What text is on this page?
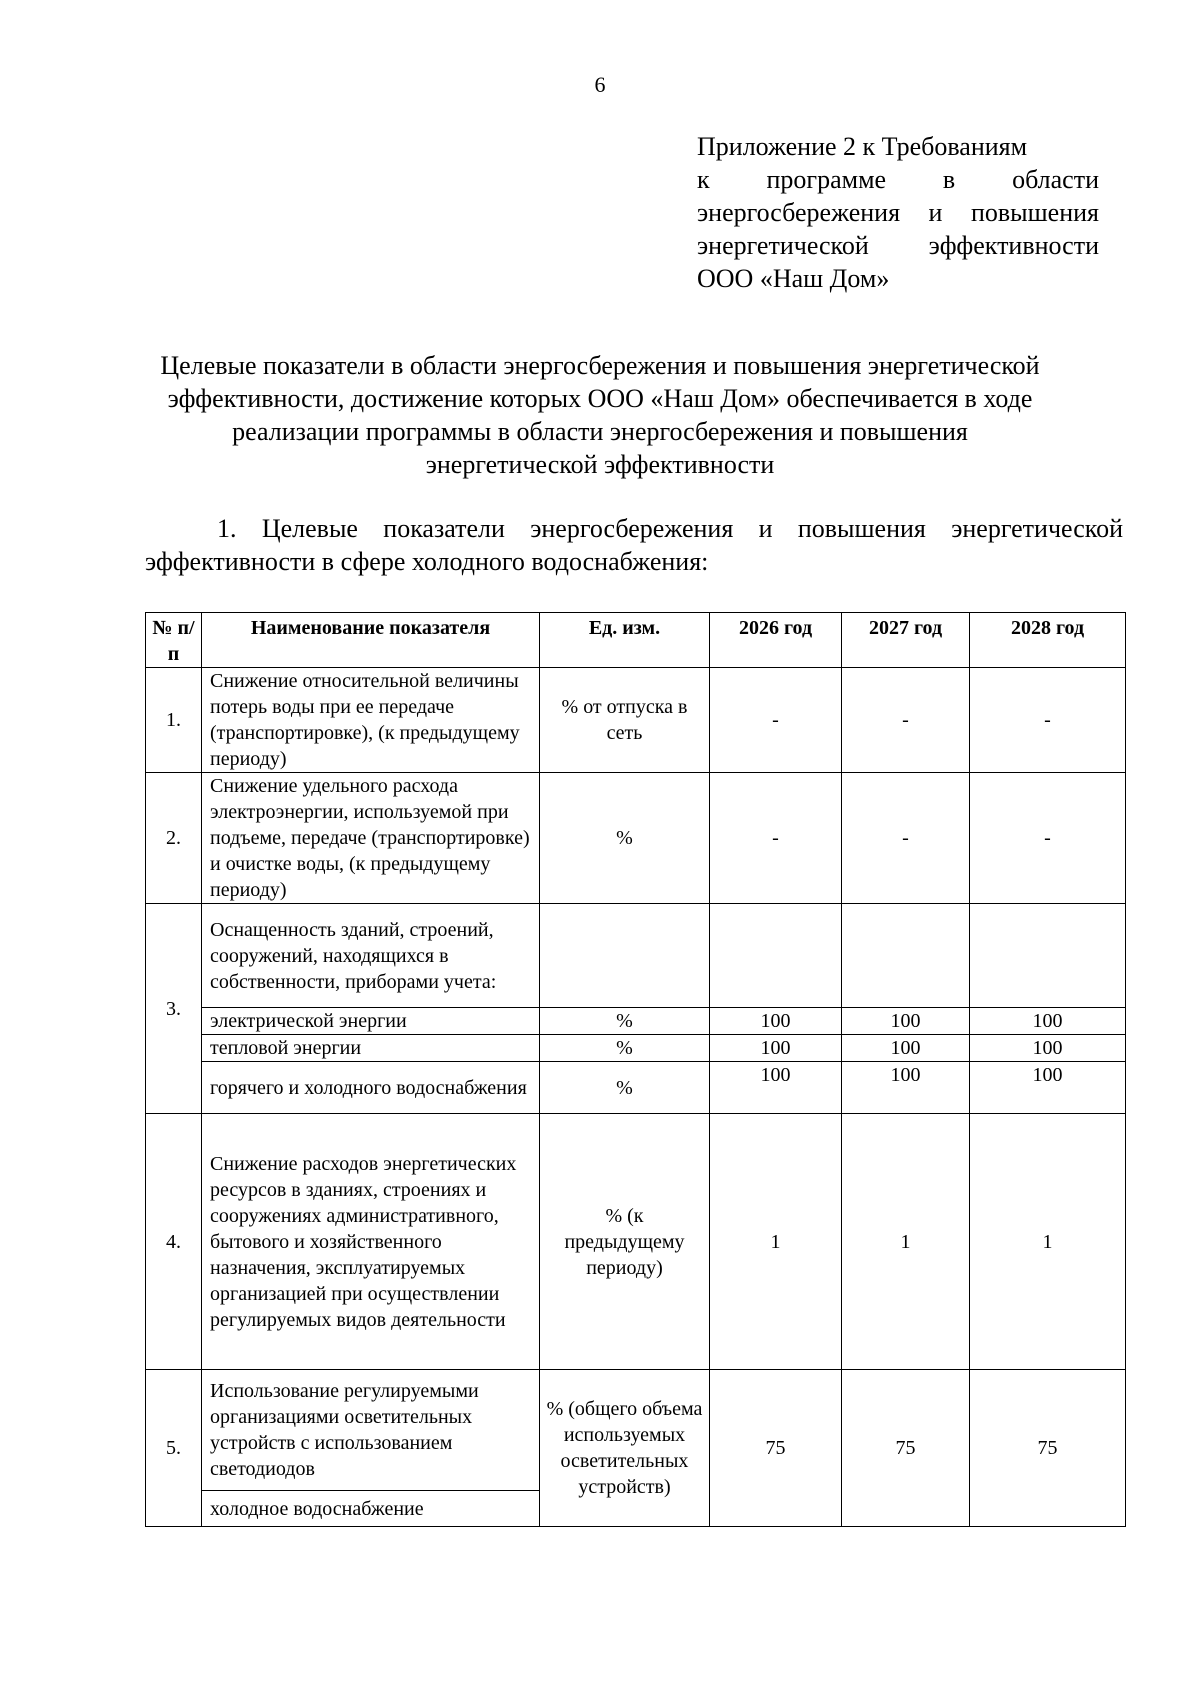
6
Приложение 2 к Требованиям
к программе в области
энергосбережения и повышения
энергетической эффективности
ООО «Наш Дом»
Целевые показатели в области энергосбережения и повышения энергетической
эффективности, достижение которых ООО «Наш Дом» обеспечивается в ходе
реализации программы в области энергосбережения и повышения
энергетической эффективности
1. Целевые показатели энергосбережения и повышения энергетической
эффективности в сфере холодного водоснабжения:
№ п/п	Наименование показателя	Ед. изм.	2026 год	2027 год	2028 год
1.	Снижение относительной величины потерь воды при ее передаче (транспортировке), (к предыдущему периоду)	% от отпуска в сеть	-	-	-
2.	Снижение удельного расхода электроэнергии, используемой при подъеме, передаче (транспортировке) и очистке воды, (к предыдущему периоду)	%	-	-	-
3.	Оснащенность зданий, строений, сооружений, находящихся в собственности, приборами учета:				
	электрической энергии	%	100	100	100
	тепловой энергии	%	100	100	100
	горячего и холодного водоснабжения	%	100	100	100
4.	Снижение расходов энергетических ресурсов в зданиях, строениях и сооружениях административного, бытового и хозяйственного назначения, эксплуатируемых организацией при осуществлении регулируемых видов деятельности	% (к предыдущему периоду)	1	1	1
5.	Использование регулируемыми организациями осветительных устройств с использованием светодиодов	% (общего объема используемых осветительных устройств)	75	75	75
	холодное водоснабжение				
